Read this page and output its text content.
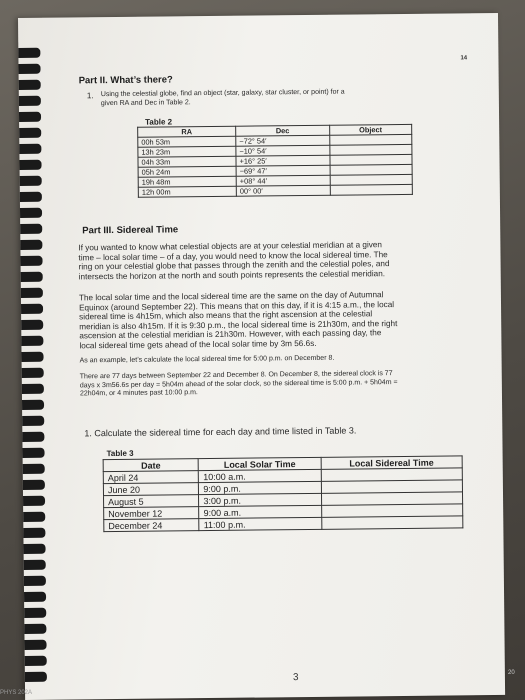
14
Part II. What’s there?
1. Using the celestial globe, find an object (star, galaxy, star cluster, or point) for a
given RA and Dec in Table 2.
Table 2
RA	Dec	Object
00h 53m	−72° 54′	
13h 23m	−10° 54′	
04h 33m	+16° 25′	
05h 24m	−69° 47′	
19h 48m	+08° 44′	
12h 00m	00° 00′	
Part III. Sidereal Time
If you wanted to know what celestial objects are at your celestial meridian at a given
time – local solar time – of a day, you would need to know the local sidereal time. The
ring on your celestial globe that passes through the zenith and the celestial poles, and
intersects the horizon at the north and south points represents the celestial meridian.
The local solar time and the local sidereal time are the same on the day of Autumnal
Equinox (around September 22). This means that on this day, if it is 4:15 a.m., the local
sidereal time is 4h15m, which also means that the right ascension at the celestial
meridian is also 4h15m. If it is 9:30 p.m., the local sidereal time is 21h30m, and the right
ascension at the celestial meridian is 21h30m. However, with each passing day, the
local sidereal time gets ahead of the local solar time by 3m 56.6s.
As an example, let’s calculate the local sidereal time for 5:00 p.m. on December 8.
There are 77 days between September 22 and December 8. On December 8, the sidereal clock is 77
days x 3m56.6s per day = 5h04m ahead of the solar clock, so the sidereal time is 5:00 p.m. + 5h04m =
22h04m, or 4 minutes past 10:00 p.m.
1. Calculate the sidereal time for each day and time listed in Table 3.
Table 3
Date	Local Solar Time	Local Sidereal Time
April 24	10:00 a.m.	
June 20	9:00 p.m.	
August 5	3:00 p.m.	
November 12	9:00 a.m.	
December 24	11:00 p.m.	
3
PHYS 202A
20
